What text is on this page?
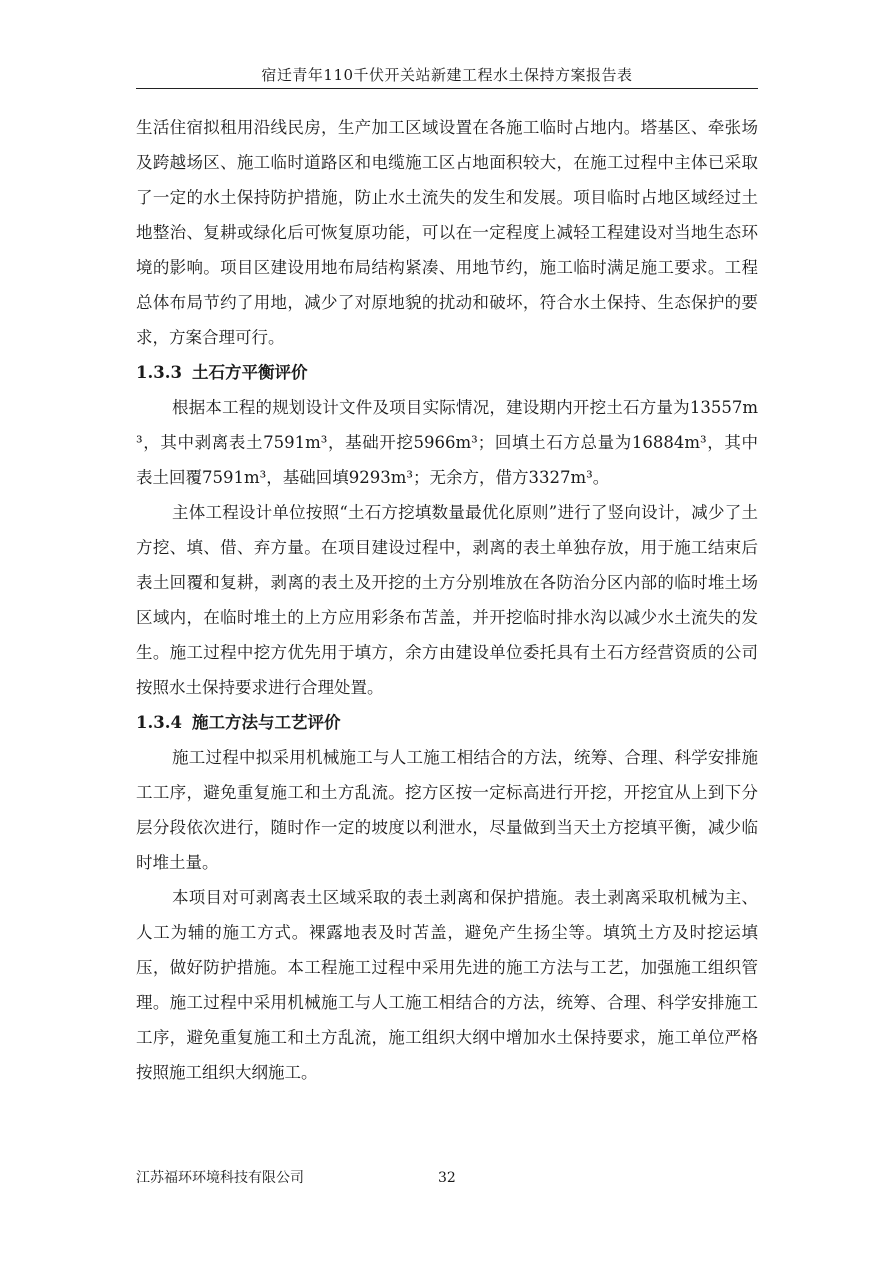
宿迁青年110千伏开关站新建工程水土保持方案报告表

生活住宿拟租用沿线民房，生产加工区域设置在各施工临时占地内。塔基区、牵张场及跨越场区、施工临时道路区和电缆施工区占地面积较大，在施工过程中主体已采取了一定的水土保持防护措施，防止水土流失的发生和发展。项目临时占地区域经过土地整治、复耕或绿化后可恢复原功能，可以在一定程度上减轻工程建设对当地生态环境的影响。项目区建设用地布局结构紧凑、用地节约，施工临时满足施工要求。工程总体布局节约了用地，减少了对原地貌的扰动和破坏，符合水土保持、生态保护的要求，方案合理可行。

1.3.3 土石方平衡评价

根据本工程的规划设计文件及项目实际情况，建设期内开挖土石方量为13557m³，其中剥离表土7591m³，基础开挖5966m³；回填土石方总量为16884m³，其中表土回覆7591m³，基础回填9293m³；无余方，借方3327m³。

主体工程设计单位按照“土石方挖填数量最优化原则”进行了竖向设计，减少了土方挖、填、借、弃方量。在项目建设过程中，剥离的表土单独存放，用于施工结束后表土回覆和复耕，剥离的表土及开挖的土方分别堆放在各防治分区内部的临时堆土场区域内，在临时堆土的上方应用彩条布苫盖，并开挖临时排水沟以减少水土流失的发生。施工过程中挖方优先用于填方，余方由建设单位委托具有土石方经营资质的公司按照水土保持要求进行合理处置。

1.3.4 施工方法与工艺评价

施工过程中拟采用机械施工与人工施工相结合的方法，统筹、合理、科学安排施工工序，避免重复施工和土方乱流。挖方区按一定标高进行开挖，开挖宜从上到下分层分段依次进行，随时作一定的坡度以利泄水，尽量做到当天土方挖填平衡，减少临时堆土量。

本项目对可剥离表土区域采取的表土剥离和保护措施。表土剥离采取机械为主、人工为辅的施工方式。裸露地表及时苫盖，避免产生扬尘等。填筑土方及时挖运填压，做好防护措施。本工程施工过程中采用先进的施工方法与工艺，加强施工组织管理。施工过程中采用机械施工与人工施工相结合的方法，统筹、合理、科学安排施工工序，避免重复施工和土方乱流，施工组织大纲中增加水土保持要求，施工单位严格按照施工组织大纲施工。

江苏福环环境科技有限公司	32
